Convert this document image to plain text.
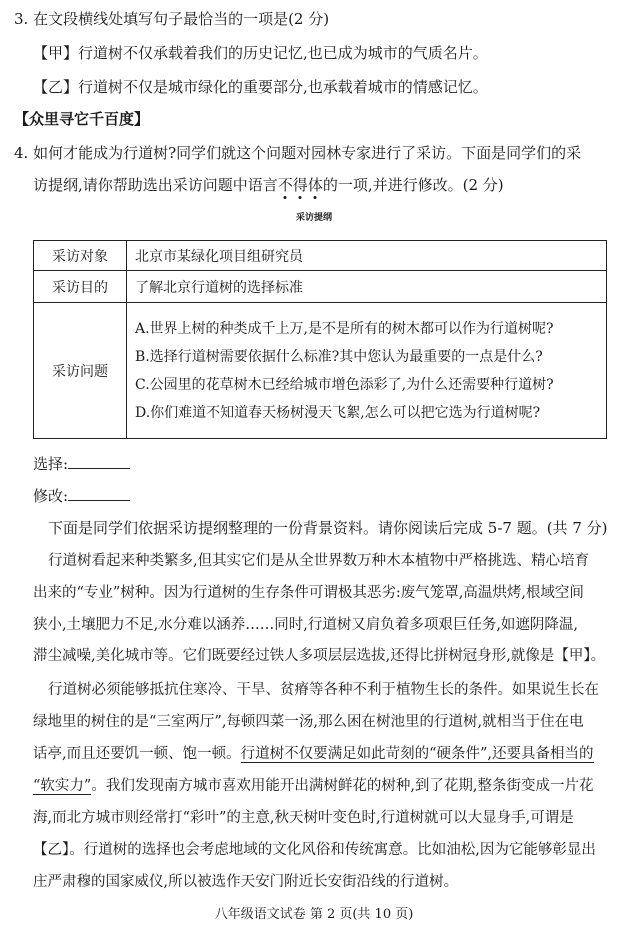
3. 在文段横线处填写句子最恰当的一项是(2 分)
【甲】行道树不仅承载着我们的历史记忆,也已成为城市的气质名片。
【乙】行道树不仅是城市绿化的重要部分,也承载着城市的情感记忆。
【众里寻它千百度】
4. 如何才能成为行道树?同学们就这个问题对园林专家进行了采访。下面是同学们的采
访提纲,请你帮助选出采访问题中语言不得体的一项,并进行修改。(2 分)
采访提纲
采访对象	北京市某绿化项目组研究员
采访目的	了解北京行道树的选择标准
采访问题	A.世界上树的种类成千上万,是不是所有的树木都可以作为行道树呢?
B.选择行道树需要依据什么标准?其中您认为最重要的一点是什么?
C.公园里的花草树木已经给城市增色添彩了,为什么还需要种行道树?
D.你们难道不知道春天杨树漫天飞絮,怎么可以把它选为行道树呢?
选择:
修改:
下面是同学们依据采访提纲整理的一份背景资料。请你阅读后完成 5-7 题。(共 7 分)
行道树看起来种类繁多,但其实它们是从全世界数万种木本植物中严格挑选、精心培育
出来的“专业”树种。因为行道树的生存条件可谓极其恶劣:废气笼罩,高温烘烤,根域空间
狭小,土壤肥力不足,水分难以涵养……同时,行道树又肩负着多项艰巨任务,如遮阴降温,
滞尘减噪,美化城市等。它们既要经过铁人多项层层选拔,还得比拼树冠身形,就像是【甲】。
行道树必须能够抵抗住寒冷、干旱、贫瘠等各种不利于植物生长的条件。如果说生长在
绿地里的树住的是“三室两厅”,每顿四菜一汤,那么困在树池里的行道树,就相当于住在电
话亭,而且还要饥一顿、饱一顿。行道树不仅要满足如此苛刻的“硬条件”,还要具备相当的
“软实力”。我们发现南方城市喜欢用能开出满树鲜花的树种,到了花期,整条街变成一片花
海,而北方城市则经常打“彩叶”的主意,秋天树叶变色时,行道树就可以大显身手,可谓是
【乙】。行道树的选择也会考虑地域的文化风俗和传统寓意。比如油松,因为它能够彰显出
庄严肃穆的国家威仪,所以被选作天安门附近长安街沿线的行道树。
八年级语文试卷 第 2 页(共 10 页)
